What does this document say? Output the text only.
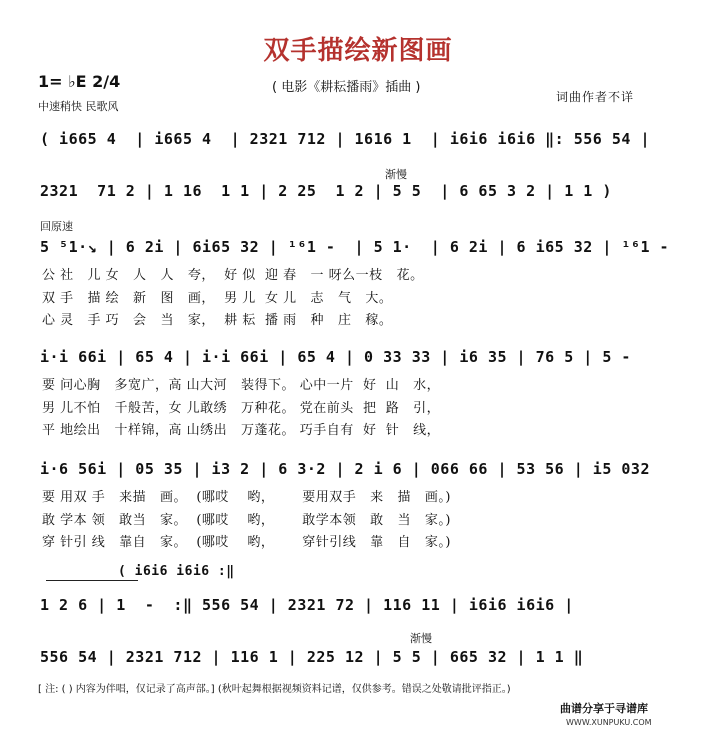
双手描绘新图画
( 电影《耕耘播雨》插曲 )
1= ♭E 2/4
中速稍快 民歌风
词曲作者不详
( i665 4  | i665 4  | 2321 712 | 1616 1  | i6i6 i6i6 ‖: 556 54 |
渐慢
2321  71 2 | 1 16  1 1 | 2 25  1 2 | 5 5  | 6 65 3 2 | 1 1 )
回原速
5 ⁵1·↘ | 6 2i | 6i65 32 | ¹⁶1 -  | 5 1·  | 6 2i | 6 i65 32 | ¹⁶1 -
公 社   儿 女   人   人   夸，  好 似  迎 春   一 呀么一枝   花。
双 手   描 绘   新   图   画，  男 儿  女 儿   志   气   大。
心 灵   手 巧   会   当   家，  耕 耘  播 雨   种   庄   稼。
i·i 66i | 65 4 | i·i 66i | 65 4 | 0 33 33 | i6 35 | 76 5 | 5 -
要 问心胸   多宽广，高 山大河   装得下。 心中一片  好  山   水，
男 儿不怕   千般苦，女 儿敢绣   万种花。 党在前头  把  路   引，
平 地绘出   十样锦，高 山绣出   万蓬花。 巧手自有  好  针   线，
i·6 56i | 05 35 | i3 2 | 6 3·2 | 2 i 6 | 066 66 | 53 56 | i5 032
要 用双 手   来描   画。  (哪哎    哟，      要用双手   来   描   画。)
敢 学本 领   敢当   家。  (哪哎    哟，      敢学本领   敢   当   家。)
穿 针引 线   靠自   家。  (哪哎    哟，      穿针引线   靠   自   家。)
( i6i6 i6i6 :‖
1 2 6 | 1  -  :‖ 556 54 | 2321 72 | 116 11 | i6i6 i6i6 |
渐慢
556 54 | 2321 712 | 116 1 | 225 12 | 5 5 | 665 32 | 1 1 ‖
[ 注: ( ) 内容为伴唱，仅记录了高声部。] (秋叶起舞根据视频资料记谱，仅供参考。错误之处敬请批评指正。)
曲谱分享于寻谱库
WWW.XUNPUKU.COM
